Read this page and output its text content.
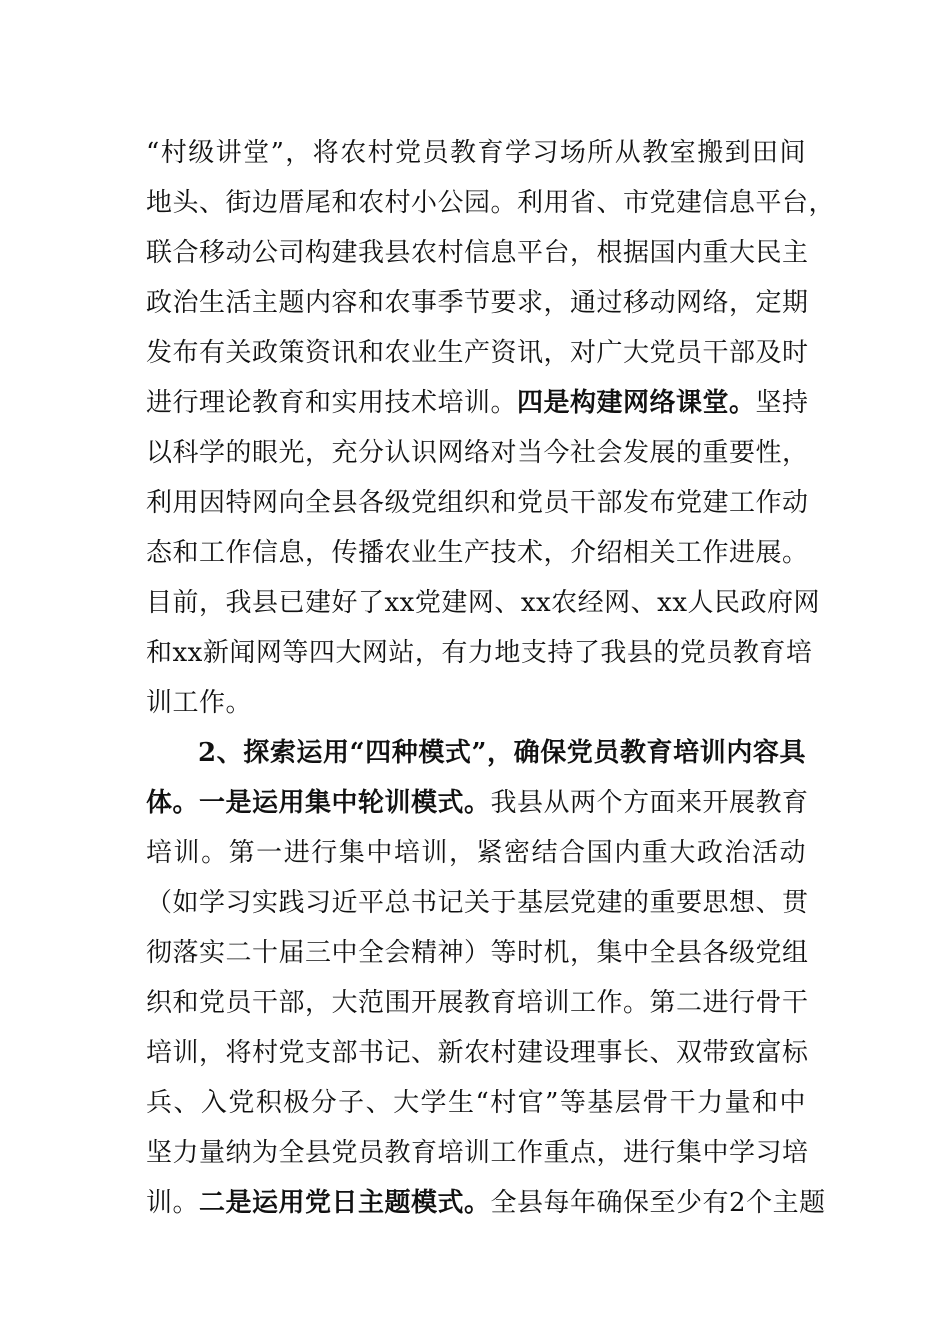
“村级讲堂”，将农村党员教育学习场所从教室搬到田间
地头、街边厝尾和农村小公园。利用省、市党建信息平台，
联合移动公司构建我县农村信息平台，根据国内重大民主
政治生活主题内容和农事季节要求，通过移动网络，定期
发布有关政策资讯和农业生产资讯，对广大党员干部及时
进行理论教育和实用技术培训。四是构建网络课堂。坚持
以科学的眼光，充分认识网络对当今社会发展的重要性，
利用因特网向全县各级党组织和党员干部发布党建工作动
态和工作信息，传播农业生产技术，介绍相关工作进展。
目前，我县已建好了xx党建网、xx农经网、xx人民政府网
和xx新闻网等四大网站，有力地支持了我县的党员教育培
训工作。
2、探索运用“四种模式”，确保党员教育培训内容具
体。一是运用集中轮训模式。我县从两个方面来开展教育
培训。第一进行集中培训，紧密结合国内重大政治活动
（如学习实践习近平总书记关于基层党建的重要思想、贯
彻落实二十届三中全会精神）等时机，集中全县各级党组
织和党员干部，大范围开展教育培训工作。第二进行骨干
培训，将村党支部书记、新农村建设理事长、双带致富标
兵、入党积极分子、大学生“村官”等基层骨干力量和中
坚力量纳为全县党员教育培训工作重点，进行集中学习培
训。二是运用党日主题模式。全县每年确保至少有2个主题
